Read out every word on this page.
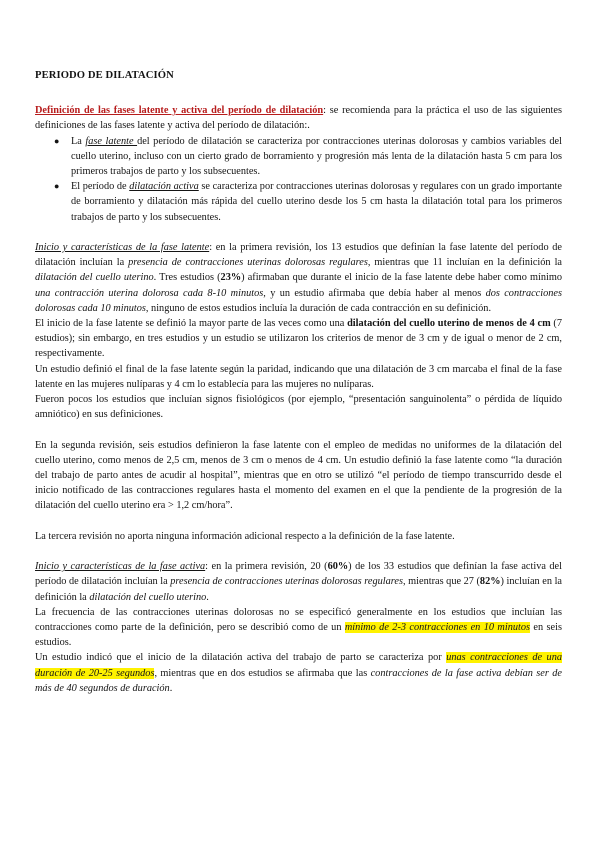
PERIODO DE DILATACIÓN

Definición de las fases latente y activa del período de dilatación: se recomienda para la práctica el uso de las siguientes definiciones de las fases latente y activa del período de dilatación:.

● La fase latente del período de dilatación se caracteriza por contracciones uterinas dolorosas y cambios variables del cuello uterino, incluso con un cierto grado de borramiento y progresión más lenta de la dilatación hasta 5 cm para los primeros trabajos de parto y los subsecuentes.
● El período de dilatación activa se caracteriza por contracciones uterinas dolorosas y regulares con un grado importante de borramiento y dilatación más rápida del cuello uterino desde los 5 cm hasta la dilatación total para los primeros trabajos de parto y los subsecuentes.

Inicio y características de la fase latente: en la primera revisión, los 13 estudios que definían la fase latente del período de dilatación incluían la presencia de contracciones uterinas dolorosas regulares, mientras que 11 incluían en la definición la dilatación del cuello uterino. Tres estudios (23%) afirmaban que durante el inicio de la fase latente debe haber como mínimo una contracción uterina dolorosa cada 8-10 minutos, y un estudio afirmaba que debía haber al menos dos contracciones dolorosas cada 10 minutos, ninguno de estos estudios incluía la duración de cada contracción en su definición.

El inicio de la fase latente se definió la mayor parte de las veces como una dilatación del cuello uterino de menos de 4 cm (7 estudios); sin embargo, en tres estudios y un estudio se utilizaron los criterios de menor de 3 cm y de igual o menor de 2 cm, respectivamente.

Un estudio definió el final de la fase latente según la paridad, indicando que una dilatación de 3 cm marcaba el final de la fase latente en las mujeres nulíparas y 4 cm lo establecía para las mujeres no nulíparas.

Fueron pocos los estudios que incluían signos fisiológicos (por ejemplo, “presentación sanguinolenta” o pérdida de líquido amniótico) en sus definiciones.

En la segunda revisión, seis estudios definieron la fase latente con el empleo de medidas no uniformes de la dilatación del cuello uterino, como menos de 2,5 cm, menos de 3 cm o menos de 4 cm. Un estudio definió la fase latente como “la duración del trabajo de parto antes de acudir al hospital”, mientras que en otro se utilizó “el período de tiempo transcurrido desde el inicio notificado de las contracciones regulares hasta el momento del examen en el que la pendiente de la progresión de la dilatación del cuello uterino era > 1,2 cm/hora”.

La tercera revisión no aporta ninguna información adicional respecto a la definición de la fase latente.

Inicio y características de la fase activa: en la primera revisión, 20 (60%) de los 33 estudios que definían la fase activa del período de dilatación incluían la presencia de contracciones uterinas dolorosas regulares, mientras que 27 (82%) incluían en la definición la dilatación del cuello uterino.

La frecuencia de las contracciones uterinas dolorosas no se especificó generalmente en los estudios que incluían las contracciones como parte de la definición, pero se describió como de un mínimo de 2-3 contracciones en 10 minutos en seis estudios.

Un estudio indicó que el inicio de la dilatación activa del trabajo de parto se caracteriza por unas contracciones de una duración de 20-25 segundos, mientras que en dos estudios se afirmaba que las contracciones de la fase activa debían ser de más de 40 segundos de duración.
